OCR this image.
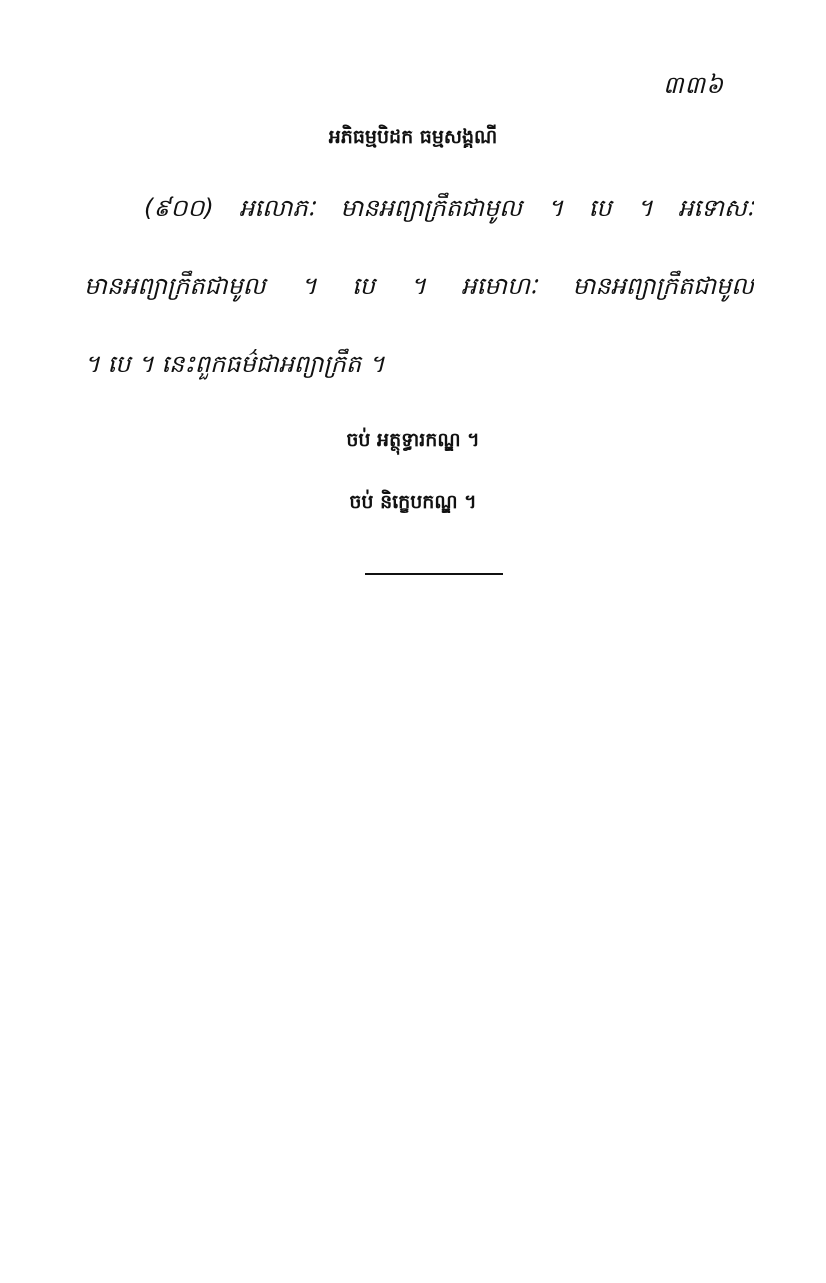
៣៣៦
អភិធម្មបិដក ធម្មសង្គណី
(៩០០) អលោភៈ មានអព្យាក្រឹតជាមូល ។ បេ ។ អទោសៈ
មានអព្យាក្រឹតជាមូល ។ បេ ។ អមោហៈ មានអព្យាក្រឹតជាមូល
។ បេ ។ នេះពួកធម៌ជាអព្យាក្រឹត ។
ចប់ អត្ថុទ្ធារកណ្ឌ ។
ចប់ និក្ខេបកណ្ឌ ។
